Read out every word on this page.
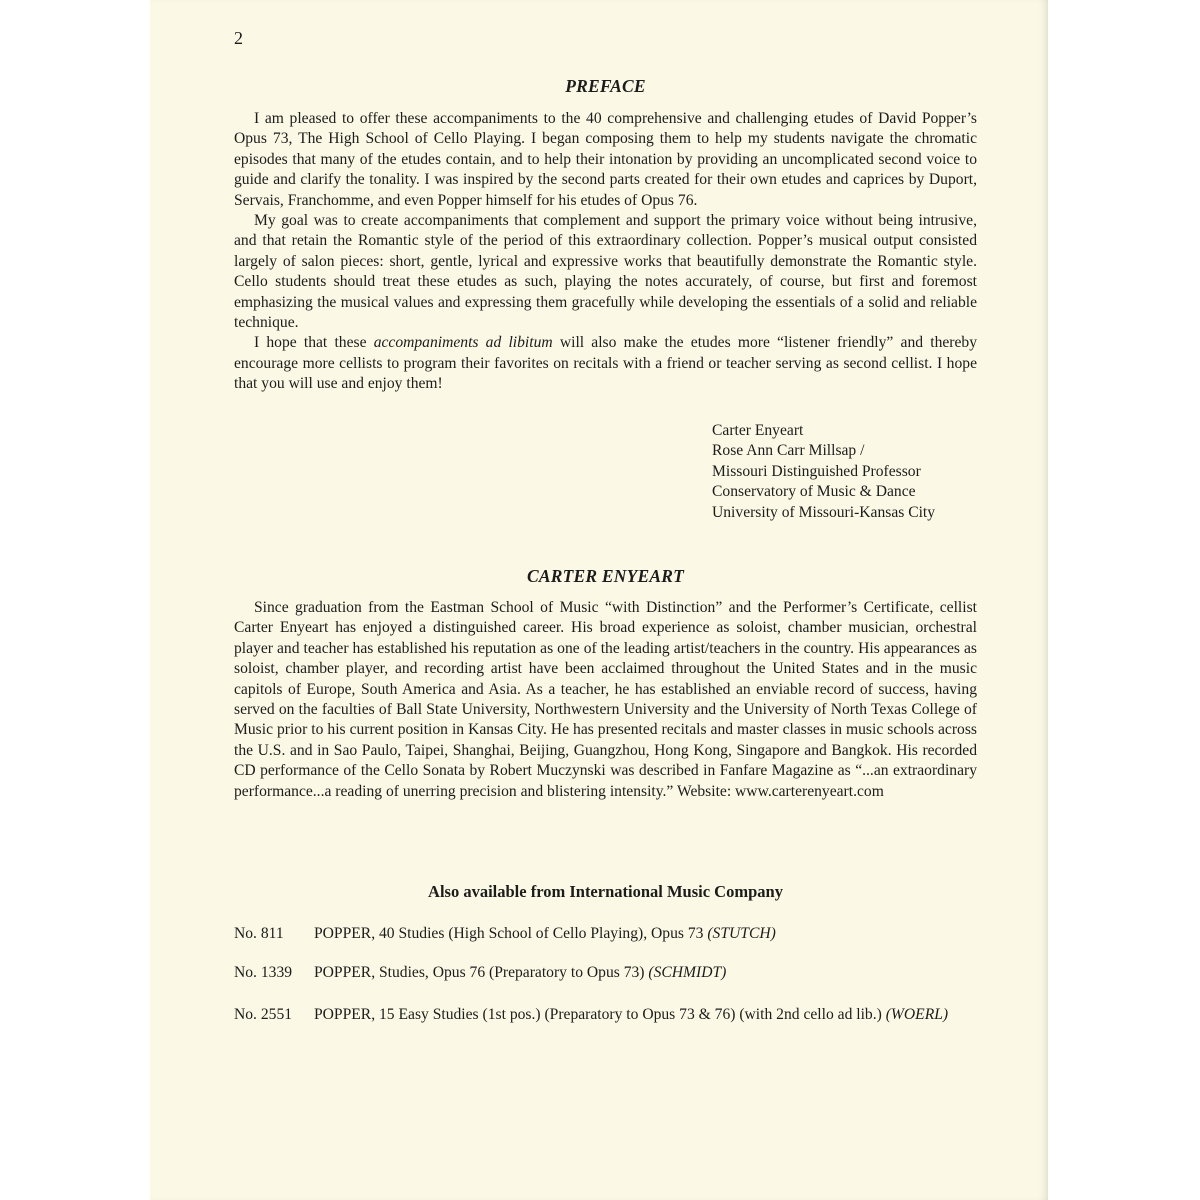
2
PREFACE

I am pleased to offer these accompaniments to the 40 comprehensive and challenging etudes of David Popper’s Opus 73, The High School of Cello Playing. I began composing them to help my students navigate the chromatic episodes that many of the etudes contain, and to help their intonation by providing an uncomplicated second voice to guide and clarify the tonality. I was inspired by the second parts created for their own etudes and caprices by Duport, Servais, Franchomme, and even Popper himself for his etudes of Opus 76.

My goal was to create accompaniments that complement and support the primary voice without being intrusive, and that retain the Romantic style of the period of this extraordinary collection. Popper’s musical output consisted largely of salon pieces: short, gentle, lyrical and expressive works that beautifully demonstrate the Romantic style. Cello students should treat these etudes as such, playing the notes accurately, of course, but first and foremost emphasizing the musical values and expressing them gracefully while developing the essentials of a solid and reliable technique.

I hope that these accompaniments ad libitum will also make the etudes more “listener friendly” and thereby encourage more cellists to program their favorites on recitals with a friend or teacher serving as second cellist. I hope that you will use and enjoy them!

Carter Enyeart
Rose Ann Carr Millsap /
Missouri Distinguished Professor
Conservatory of Music & Dance
University of Missouri-Kansas City
CARTER ENYEART

Since graduation from the Eastman School of Music “with Distinction” and the Performer’s Certificate, cellist Carter Enyeart has enjoyed a distinguished career. His broad experience as soloist, chamber musician, orchestral player and teacher has established his reputation as one of the leading artist/teachers in the country. His appearances as soloist, chamber player, and recording artist have been acclaimed throughout the United States and in the music capitols of Europe, South America and Asia. As a teacher, he has established an enviable record of success, having served on the faculties of Ball State University, Northwestern University and the University of North Texas College of Music prior to his current position in Kansas City. He has presented recitals and master classes in music schools across the U.S. and in Sao Paulo, Taipei, Shanghai, Beijing, Guangzhou, Hong Kong, Singapore and Bangkok. His recorded CD performance of the Cello Sonata by Robert Muczynski was described in Fanfare Magazine as “...an extraordinary performance...a reading of unerring precision and blistering intensity.” Website: www.carterenyeart.com

Also available from International Music Company
No. 811 POPPER, 40 Studies (High School of Cello Playing), Opus 73 (STUTCH)
No. 1339 POPPER, Studies, Opus 76 (Preparatory to Opus 73) (SCHMIDT)
No. 2551 POPPER, 15 Easy Studies (1st pos.) (Preparatory to Opus 73 & 76) (with 2nd cello ad lib.) (WOERL)
